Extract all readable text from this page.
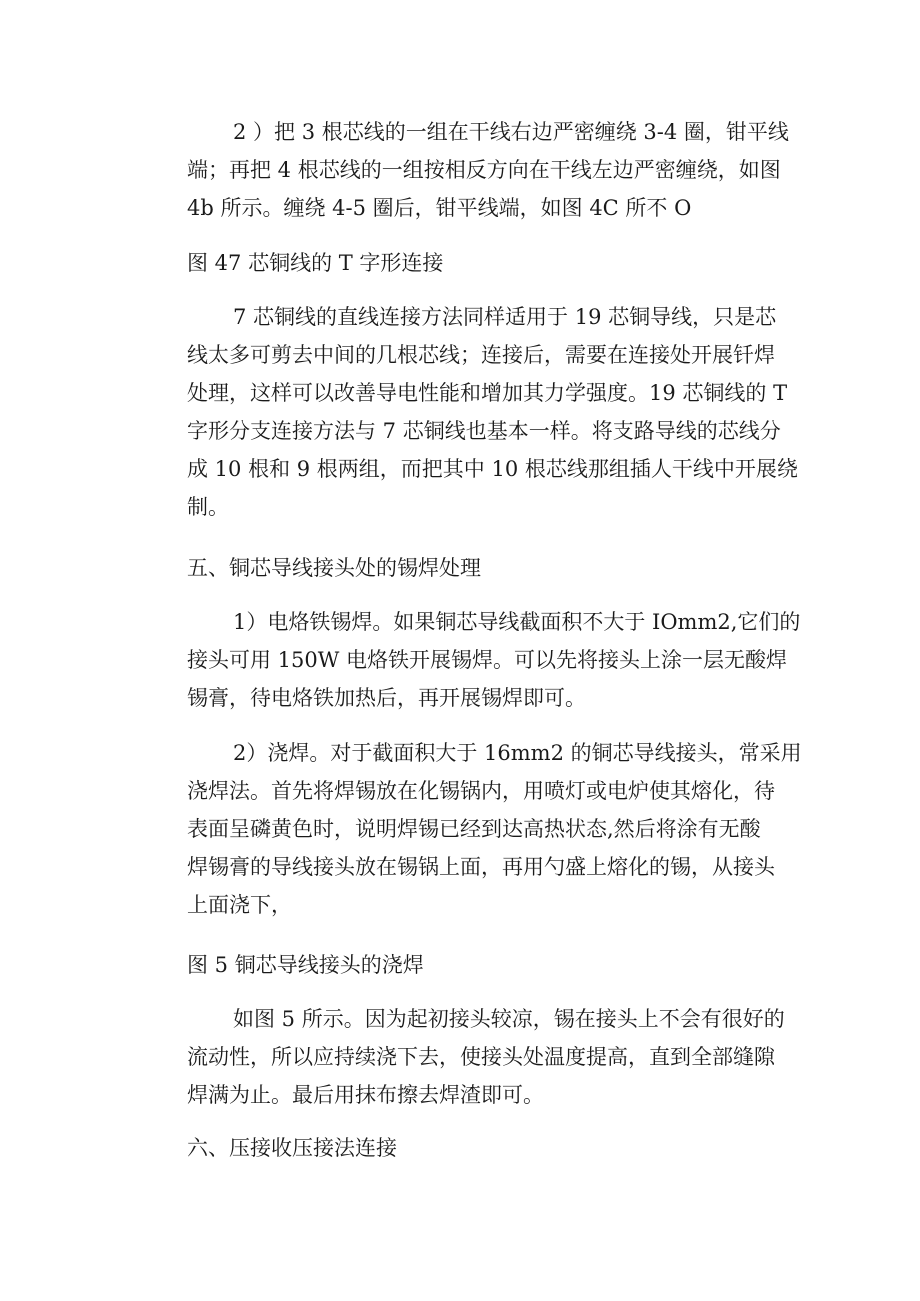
2 ）把 3 根芯线的一组在干线右边严密缠绕 3-4 圈，钳平线
端；再把 4 根芯线的一组按相反方向在干线左边严密缠绕，如图
4b 所示。缠绕 4-5 圈后，钳平线端，如图 4C 所不 O
图 47 芯铜线的 T 字形连接
7 芯铜线的直线连接方法同样适用于 19 芯铜导线，只是芯
线太多可剪去中间的几根芯线；连接后，需要在连接处开展钎焊
处理，这样可以改善导电性能和增加其力学强度。19 芯铜线的 T
字形分支连接方法与 7 芯铜线也基本一样。将支路导线的芯线分
成 10 根和 9 根两组，而把其中 10 根芯线那组插人干线中开展绕
制。
五、铜芯导线接头处的锡焊处理
1）电烙铁锡焊。如果铜芯导线截面积不大于 IOmm2,它们的
接头可用 150W 电烙铁开展锡焊。可以先将接头上涂一层无酸焊
锡膏，待电烙铁加热后，再开展锡焊即可。
2）浇焊。对于截面积大于 16mm2 的铜芯导线接头，常采用
浇焊法。首先将焊锡放在化锡锅内，用喷灯或电炉使其熔化，待
表面呈磷黄色时，说明焊锡已经到达高热状态,然后将涂有无酸
焊锡膏的导线接头放在锡锅上面，再用勺盛上熔化的锡，从接头
上面浇下，
图 5 铜芯导线接头的浇焊
如图 5 所示。因为起初接头较凉，锡在接头上不会有很好的
流动性，所以应持续浇下去，使接头处温度提高，直到全部缝隙
焊满为止。最后用抹布擦去焊渣即可。
六、压接收压接法连接
